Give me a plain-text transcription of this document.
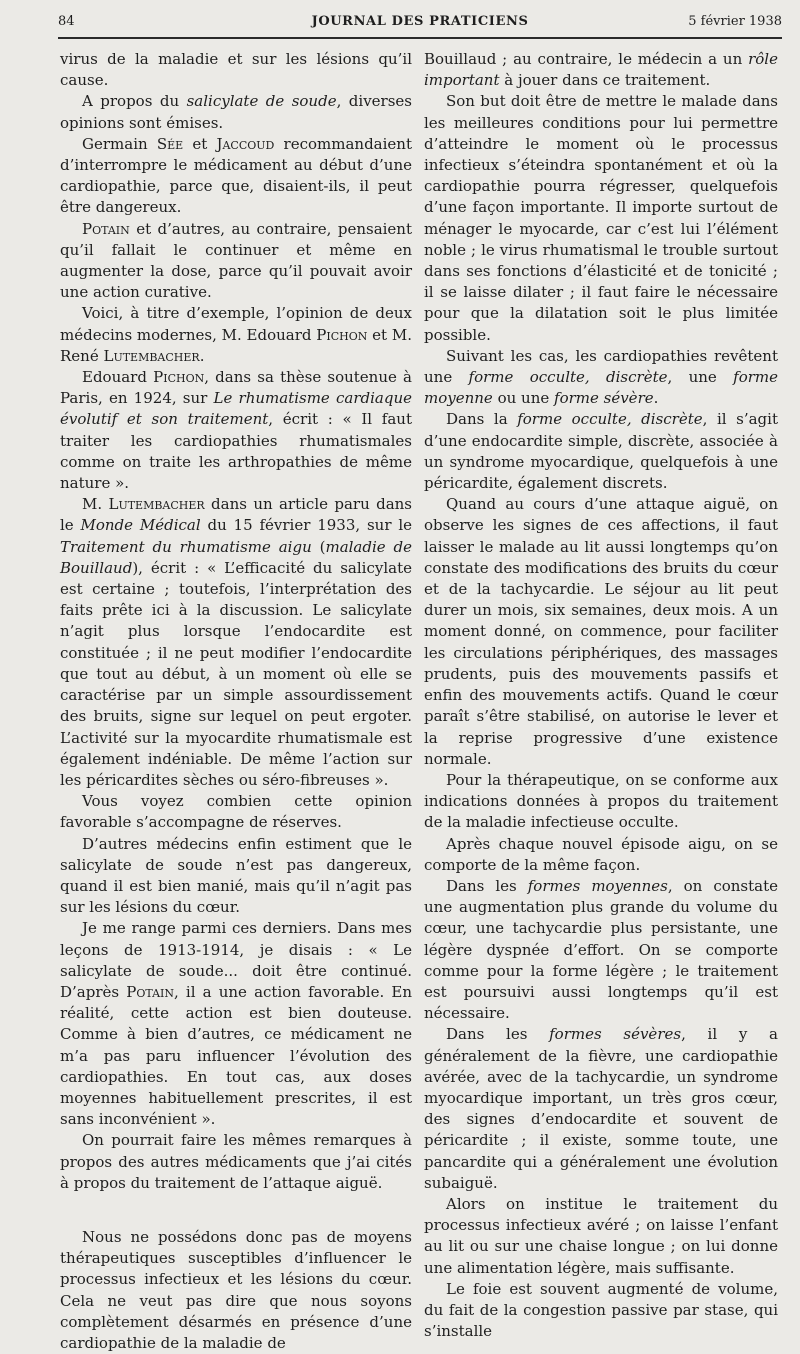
84	JOURNAL DES PRATICIENS	5 février 1938

virus de la maladie et sur les lésions qu’il cause.

A propos du salicylate de soude, diverses opinions sont émises.

Germain Sée et Jaccoud recommandaient d’interrompre le médicament au début d’une cardiopathie, parce que, disaient-ils, il peut être dangereux.

Potain et d’autres, au contraire, pensaient qu’il fallait le continuer et même en augmenter la dose, parce qu’il pouvait avoir une action curative.

Voici, à titre d’exemple, l’opinion de deux médecins modernes, M. Edouard Pichon et M. René Lutembacher.

Edouard Pichon, dans sa thèse soutenue à Paris, en 1924, sur Le rhumatisme cardiaque évolutif et son traitement, écrit : « Il faut traiter les cardiopathies rhumatismales comme on traite les arthropathies de même nature ».

M. Lutembacher dans un article paru dans le Monde Médical du 15 février 1933, sur le Traitement du rhumatisme aigu (maladie de Bouillaud), écrit : « L’efficacité du salicylate est certaine ; toutefois, l’interprétation des faits prête ici à la discussion. Le salicylate n’agit plus lorsque l’endocardite est constituée ; il ne peut modifier l’endocardite que tout au début, à un moment où elle se caractérise par un simple assourdissement des bruits, signe sur lequel on peut ergoter. L’activité sur la myocardite rhumatismale est également indéniable. De même l’action sur les péricardites sèches ou séro-fibreuses ».

Vous voyez combien cette opinion favorable s’accompagne de réserves.

D’autres médecins enfin estiment que le salicylate de soude n’est pas dangereux, quand il est bien manié, mais qu’il n’agit pas sur les lésions du cœur.

Je me range parmi ces derniers. Dans mes leçons de 1913-1914, je disais : « Le salicylate de soude... doit être continué. D’après Potain, il a une action favorable. En réalité, cette action est bien douteuse. Comme à bien d’autres, ce médicament ne m’a pas paru influencer l’évolution des cardiopathies. En tout cas, aux doses moyennes habituellement prescrites, il est sans inconvénient ».

On pourrait faire les mêmes remarques à propos des autres médicaments que j’ai cités à propos du traitement de l’attaque aiguë.

Nous ne possédons donc pas de moyens thérapeutiques susceptibles d’influencer le processus infectieux et les lésions du cœur. Cela ne veut pas dire que nous soyons complètement désarmés en présence d’une cardiopathie de la maladie de

Bouillaud ; au contraire, le médecin a un rôle important à jouer dans ce traitement.

Son but doit être de mettre le malade dans les meilleures conditions pour lui permettre d’atteindre le moment où le processus infectieux s’éteindra spontanément et où la cardiopathie pourra régresser, quelquefois d’une façon importante. Il importe surtout de ménager le myocarde, car c’est lui l’élément noble ; le virus rhumatismal le trouble surtout dans ses fonctions d’élasticité et de tonicité ; il se laisse dilater ; il faut faire le nécessaire pour que la dilatation soit le plus limitée possible.

Suivant les cas, les cardiopathies revêtent une forme occulte, discrète, une forme moyenne ou une forme sévère.

Dans la forme occulte, discrète, il s’agit d’une endocardite simple, discrète, associée à un syndrome myocardique, quelquefois à une péricardite, également discrets.

Quand au cours d’une attaque aiguë, on observe les signes de ces affections, il faut laisser le malade au lit aussi longtemps qu’on constate des modifications des bruits du cœur et de la tachycardie. Le séjour au lit peut durer un mois, six semaines, deux mois. A un moment donné, on commence, pour faciliter les circulations périphériques, des massages prudents, puis des mouvements passifs et enfin des mouvements actifs. Quand le cœur paraît s’être stabilisé, on autorise le lever et la reprise progressive d’une existence normale.

Pour la thérapeutique, on se conforme aux indications données à propos du traitement de la maladie infectieuse occulte.

Après chaque nouvel épisode aigu, on se comporte de la même façon.

Dans les formes moyennes, on constate une augmentation plus grande du volume du cœur, une tachycardie plus persistante, une légère dyspnée d’effort. On se comporte comme pour la forme légère ; le traitement est poursuivi aussi longtemps qu’il est nécessaire.

Dans les formes sévères, il y a généralement de la fièvre, une cardiopathie avérée, avec de la tachycardie, un syndrome myocardique important, un très gros cœur, des signes d’endocardite et souvent de péricardite ; il existe, somme toute, une pancardite qui a généralement une évolution subaiguë.

Alors on institue le traitement du processus infectieux avéré ; on laisse l’enfant au lit ou sur une chaise longue ; on lui donne une alimentation légère, mais suffisante.

Le foie est souvent augmenté de volume, du fait de la congestion passive par stase, qui s’installe
